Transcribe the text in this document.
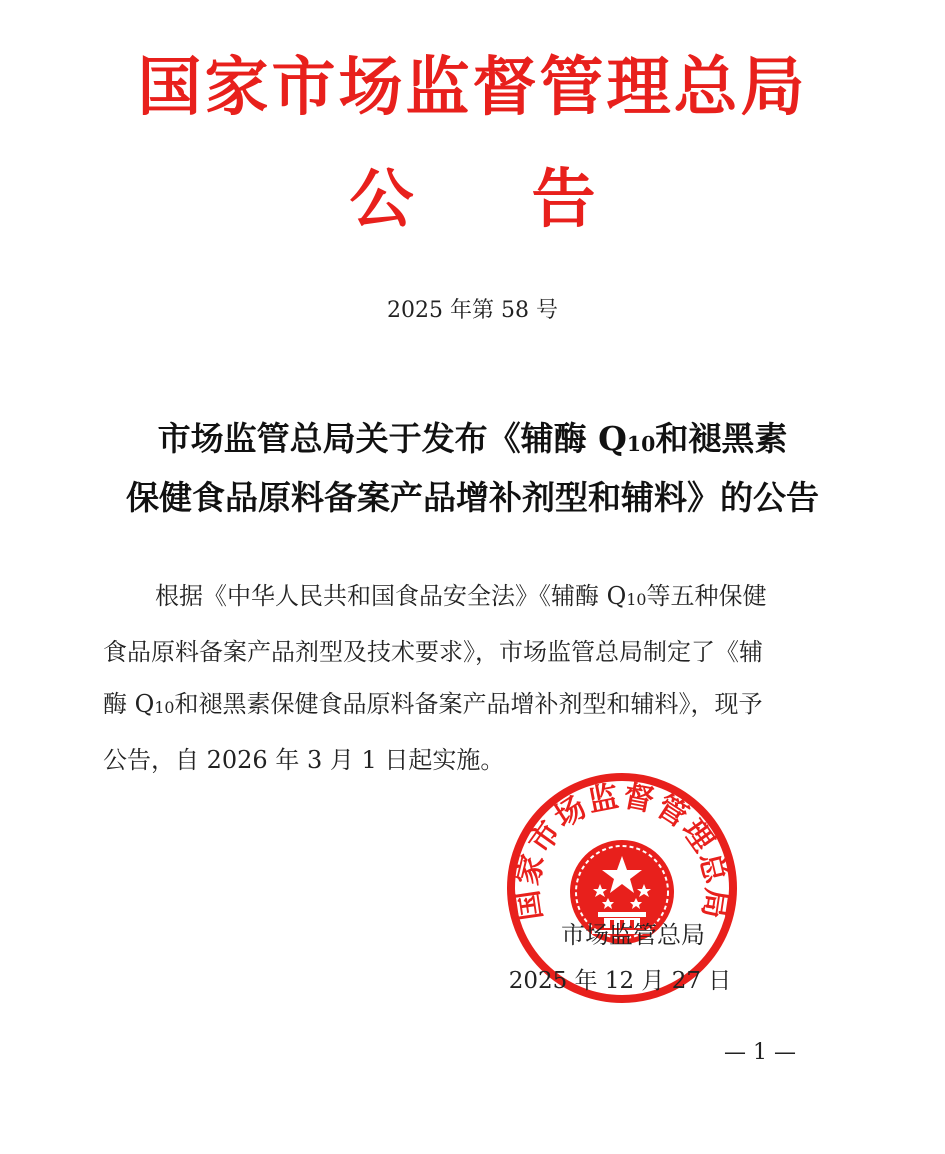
国家市场监督管理总局
公 告
2025 年第 58 号
市场监管总局关于发布《辅酶 Q10和褪黑素
保健食品原料备案产品增补剂型和辅料》的公告
根据《中华人民共和国食品安全法》《辅酶 Q10等五种保健
食品原料备案产品剂型及技术要求》，市场监管总局制定了《辅
酶 Q10和褪黑素保健食品原料备案产品增补剂型和辅料》，现予
公告，自 2026 年 3 月 1 日起实施。
国家市场监督管理总局
市场监管总局
2025 年 12 月 27 日
— 1 —
